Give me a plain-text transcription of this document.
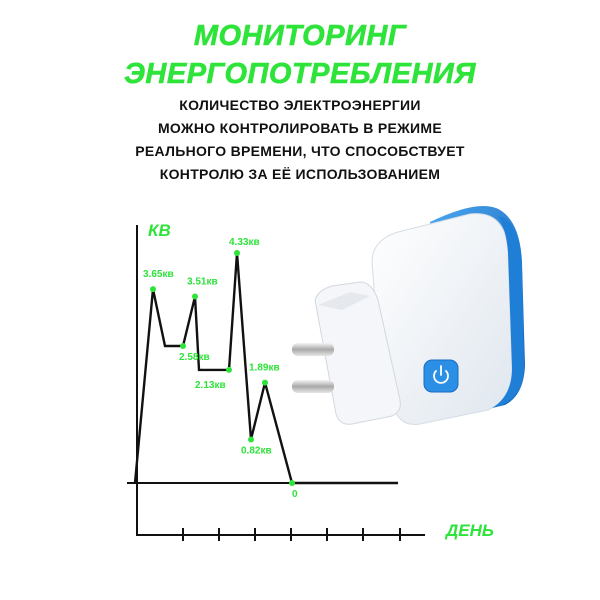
МОНИТОРИНГ
ЭНЕРГОПОТРЕБЛЕНИЯ
КОЛИЧЕСТВО ЭЛЕКТРОЭНЕРГИИ
МОЖНО КОНТРОЛИРОВАТЬ В РЕЖИМЕ
РЕАЛЬНОГО ВРЕМЕНИ, ЧТО СПОСОБСТВУЕТ
КОНТРОЛЮ ЗА ЕЁ ИСПОЛЬЗОВАНИЕМ
КВ
ДЕНЬ
3.65кв
2.58кв
3.51кв
2.13кв
4.33кв
0.82кв
1.89кв
0
